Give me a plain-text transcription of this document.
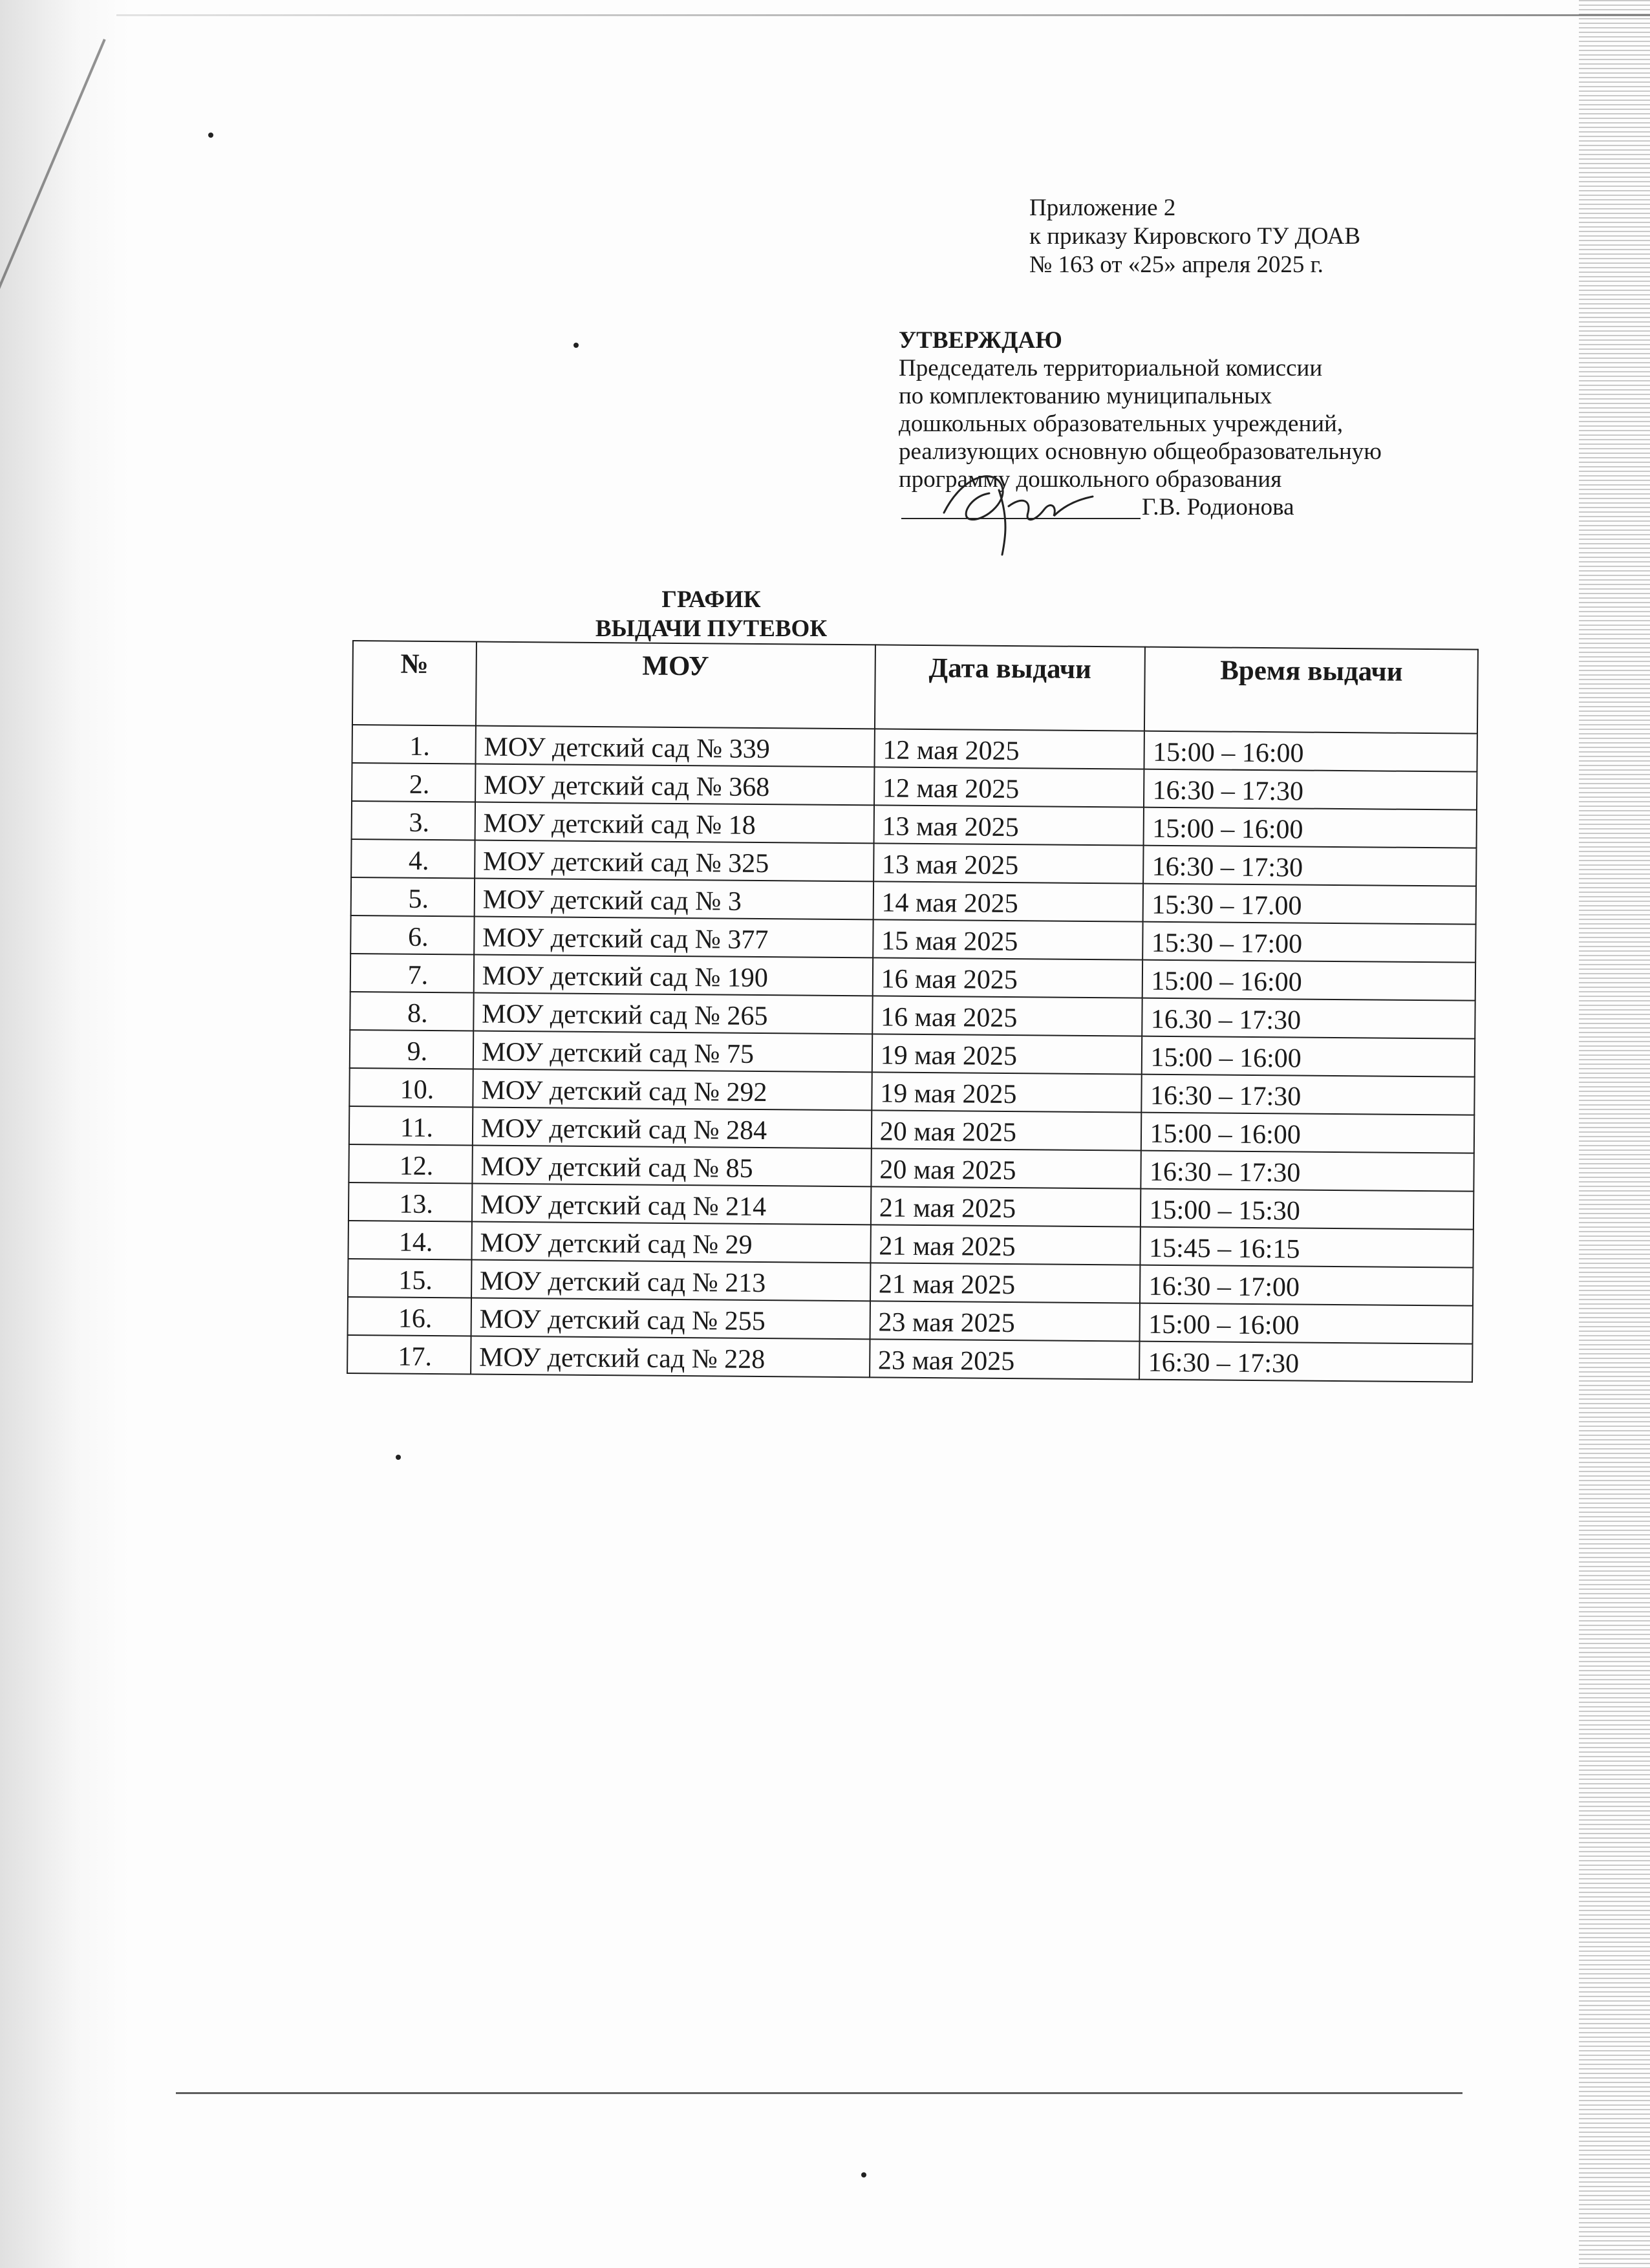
Приложение 2
к приказу Кировского ТУ ДОАВ
№ 163 от «25» апреля 2025 г.
УТВЕРЖДАЮ
Председатель территориальной комиссии
по комплектованию муниципальных
дошкольных образовательных учреждений,
реализующих основную общеобразовательную
программу дошкольного образования
Г.В. Родионова
ГРАФИК
ВЫДАЧИ ПУТЕВОК
№	МОУ	Дата выдачи	Время выдачи
1.	МОУ детский сад № 339	12 мая 2025	15:00 – 16:00
2.	МОУ детский сад № 368	12 мая 2025	16:30 – 17:30
3.	МОУ детский сад № 18	13 мая 2025	15:00 – 16:00
4.	МОУ детский сад № 325	13 мая 2025	16:30 – 17:30
5.	МОУ детский сад № 3	14 мая 2025	15:30 – 17.00
6.	МОУ детский сад № 377	15 мая 2025	15:30 – 17:00
7.	МОУ детский сад № 190	16 мая 2025	15:00 – 16:00
8.	МОУ детский сад № 265	16 мая 2025	16.30 – 17:30
9.	МОУ детский сад № 75	19 мая 2025	15:00 – 16:00
10.	МОУ детский сад № 292	19 мая 2025	16:30 – 17:30
11.	МОУ детский сад № 284	20 мая 2025	15:00 – 16:00
12.	МОУ детский сад № 85	20 мая 2025	16:30 – 17:30
13.	МОУ детский сад № 214	21 мая 2025	15:00 – 15:30
14.	МОУ детский сад № 29	21 мая 2025	15:45 – 16:15
15.	МОУ детский сад № 213	21 мая 2025	16:30 – 17:00
16.	МОУ детский сад № 255	23 мая 2025	15:00 – 16:00
17.	МОУ детский сад № 228	23 мая 2025	16:30 – 17:30
